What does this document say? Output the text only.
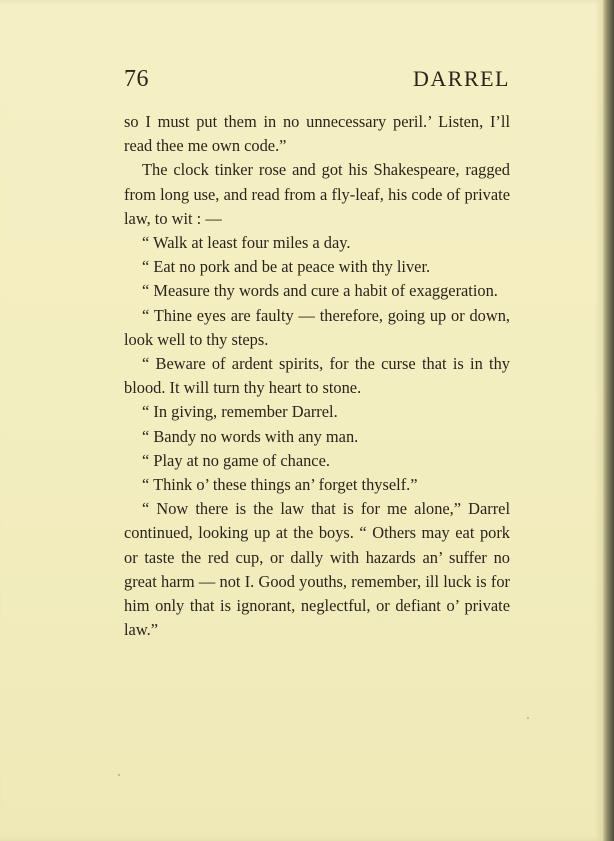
76	DARREL

so I must put them in no unnecessary peril.’ Listen, I’ll read thee me own code.”

The clock tinker rose and got his Shakespeare, ragged from long use, and read from a fly-leaf, his code of private law, to wit : —

“ Walk at least four miles a day.

“ Eat no pork and be at peace with thy liver.

“ Measure thy words and cure a habit of exaggeration.

“ Thine eyes are faulty — therefore, going up or down, look well to thy steps.

“ Beware of ardent spirits, for the curse that is in thy blood. It will turn thy heart to stone.

“ In giving, remember Darrel.

“ Bandy no words with any man.

“ Play at no game of chance.

“ Think o’ these things an’ forget thyself.”

“ Now there is the law that is for me alone,” Darrel continued, looking up at the boys. “ Others may eat pork or taste the red cup, or dally with hazards an’ suffer no great harm — not I. Good youths, remember, ill luck is for him only that is ignorant, neglectful, or defiant o’ private law.”
